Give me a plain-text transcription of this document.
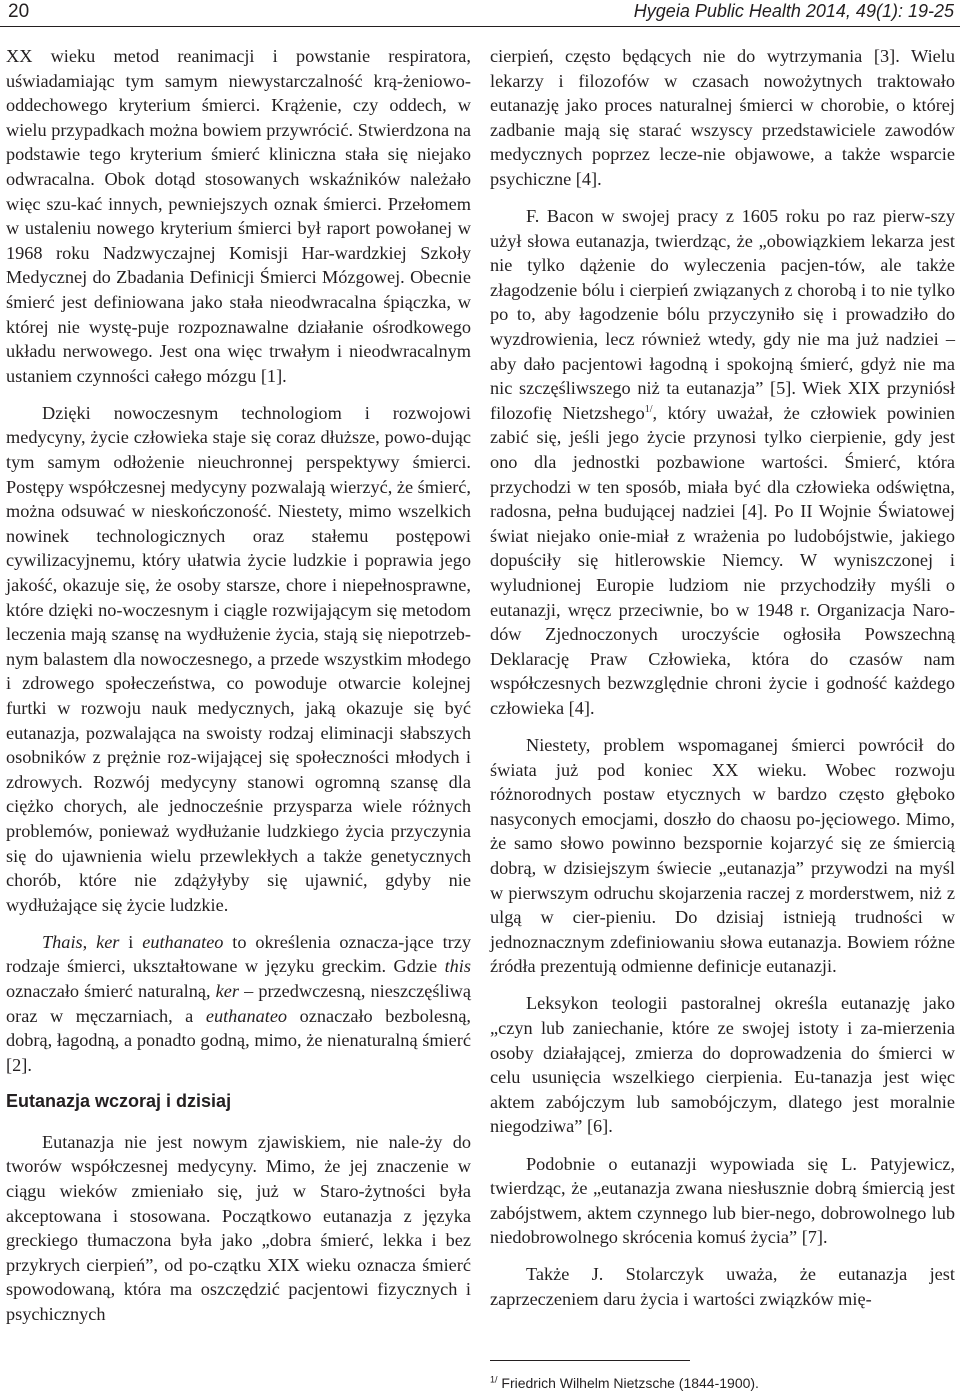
20	Hygeia Public Health 2014, 49(1): 19-25

XX wieku metod reanimacji i powstanie respiratora, uświadamiając tym samym niewystarczalność krą-żeniowo-oddechowego kryterium śmierci. Krążenie, czy oddech, w wielu przypadkach można bowiem przywrócić. Stwierdzona na podstawie tego kryterium śmierć kliniczna stała się niejako odwracalna. Obok dotąd stosowanych wskaźników należało więc szu-kać innych, pewniejszych oznak śmierci. Przełomem w ustaleniu nowego kryterium śmierci był raport powołanej w 1968 roku Nadzwyczajnej Komisji Har-wardzkiej Szkoły Medycznej do Zbadania Definicji Śmierci Mózgowej. Obecnie śmierć jest definiowana jako stała nieodwracalna śpiączka, w której nie wystę-puje rozpoznawalne działanie ośrodkowego układu nerwowego. Jest ona więc trwałym i nieodwracalnym ustaniem czynności całego mózgu [1].

Dzięki nowoczesnym technologiom i rozwojowi medycyny, życie człowieka staje się coraz dłuższe, powo-dując tym samym odłożenie nieuchronnej perspektywy śmierci. Postępy współczesnej medycyny pozwalają wierzyć, że śmierć, można odsuwać w nieskończoność. Niestety, mimo wszelkich nowinek technologicznych oraz stałemu postępowi cywilizacyjnemu, który ułatwia życie ludzkie i poprawia jego jakość, okazuje się, że osoby starsze, chore i niepełnosprawne, które dzięki no-woczesnym i ciągle rozwijającym się metodom leczenia mają szansę na wydłużenie życia, stają się niepotrzeb-nym balastem dla nowoczesnego, a przede wszystkim młodego i zdrowego społeczeństwa, co powoduje otwarcie kolejnej furtki w rozwoju nauk medycznych, jaką okazuje się być eutanazja, pozwalająca na swoisty rodzaj eliminacji słabszych osobników z prężnie roz-wijającej się społeczności młodych i zdrowych. Rozwój medycyny stanowi ogromną szansę dla ciężko chorych, ale jednocześnie przysparza wiele różnych problemów, ponieważ wydłużanie ludzkiego życia przyczynia się do ujawnienia wielu przewlekłych a także genetycznych chorób, które nie zdążyłyby się ujawnić, gdyby nie wydłużające się życie ludzkie.

Thais, ker i euthanateo to określenia oznacza-jące trzy rodzaje śmierci, ukształtowane w języku greckim. Gdzie this oznaczało śmierć naturalną, ker – przedwczesną, nieszczęśliwą oraz w męczarniach, a euthanateo oznaczało bezbolesną, dobrą, łagodną, a ponadto godną, mimo, że nienaturalną śmierć [2].

Eutanazja wczoraj i dzisiaj

Eutanazja nie jest nowym zjawiskiem, nie nale-ży do tworów współczesnej medycyny. Mimo, że jej znaczenie w ciągu wieków zmieniało się, już w Staro-żytności była akceptowana i stosowana. Początkowo eutanazja z języka greckiego tłumaczona była jako „dobra śmierć, lekka i bez przykrych cierpień”, od po-czątku XIX wieku oznacza śmierć spowodowaną, która ma oszczędzić pacjentowi fizycznych i psychicznych

cierpień, często będących nie do wytrzymania [3]. Wielu lekarzy i filozofów w czasach nowożytnych traktowało eutanazję jako proces naturalnej śmierci w chorobie, o której zadbanie mają się starać wszyscy przedstawiciele zawodów medycznych poprzez lecze-nie objawowe, a także wsparcie psychiczne [4].

F. Bacon w swojej pracy z 1605 roku po raz pierw-szy użył słowa eutanazja, twierdząc, że „obowiązkiem lekarza jest nie tylko dążenie do wyleczenia pacjen-tów, ale także złagodzenie bólu i cierpień związanych z chorobą i to nie tylko po to, aby łagodzenie bólu przyczyniło się i prowadziło do wyzdrowienia, lecz również wtedy, gdy nie ma już nadziei – aby dało pacjentowi łagodną i spokojną śmierć, gdyż nie ma nic szczęśliwszego niż ta eutanazja” [5]. Wiek XIX przyniósł filozofię Nietzshego$^{1/}$, który uważał, że człowiek powinien zabić się, jeśli jego życie przynosi tylko cierpienie, gdy jest ono dla jednostki pozbawione wartości. Śmierć, która przychodzi w ten sposób, miała być dla człowieka odświętna, radosna, pełna budującej nadziei [4]. Po II Wojnie Światowej świat niejako onie-miał z wrażenia po ludobójstwie, jakiego dopuściły się hitlerowskie Niemcy. W wyniszczonej i wyludnionej Europie ludziom nie przychodziły myśli o eutanazji, wręcz przeciwnie, bo w 1948 r. Organizacja Naro-dów Zjednoczonych uroczyście ogłosiła Powszechną Deklarację Praw Człowieka, która do czasów nam współczesnych bezwzględnie chroni życie i godność każdego człowieka [4].

Niestety, problem wspomaganej śmierci powrócił do świata już pod koniec XX wieku. Wobec rozwoju różnorodnych postaw etycznych w bardzo często głęboko nasyconych emocjami, doszło do chaosu po-jęciowego. Mimo, że samo słowo powinno bezspornie kojarzyć się ze śmiercią dobrą, w dzisiejszym świecie „eutanazja” przywodzi na myśl w pierwszym odruchu skojarzenia raczej z morderstwem, niż z ulgą w cier-pieniu. Do dzisiaj istnieją trudności w jednoznacznym zdefiniowaniu słowa eutanazja. Bowiem różne źródła prezentują odmienne definicje eutanazji.

Leksykon teologii pastoralnej określa eutanazję jako „czyn lub zaniechanie, które ze swojej istoty i za-mierzenia osoby działającej, zmierza do doprowadzenia do śmierci w celu usunięcia wszelkiego cierpienia. Eu-tanazja jest więc aktem zabójczym lub samobójczym, dlatego jest moralnie niegodziwa” [6].

Podobnie o eutanazji wypowiada się L. Patyjewicz, twierdząc, że „eutanazja zwana niesłusznie dobrą śmiercią jest zabójstwem, aktem czynnego lub bier-nego, dobrowolnego lub niedobrowolnego skrócenia komuś życia” [7].

Także J. Stolarczyk uważa, że eutanazja jest zaprzeczeniem daru życia i wartości związków mię-

$^{1/}$ Friedrich Wilhelm Nietzsche (1844-1900).
